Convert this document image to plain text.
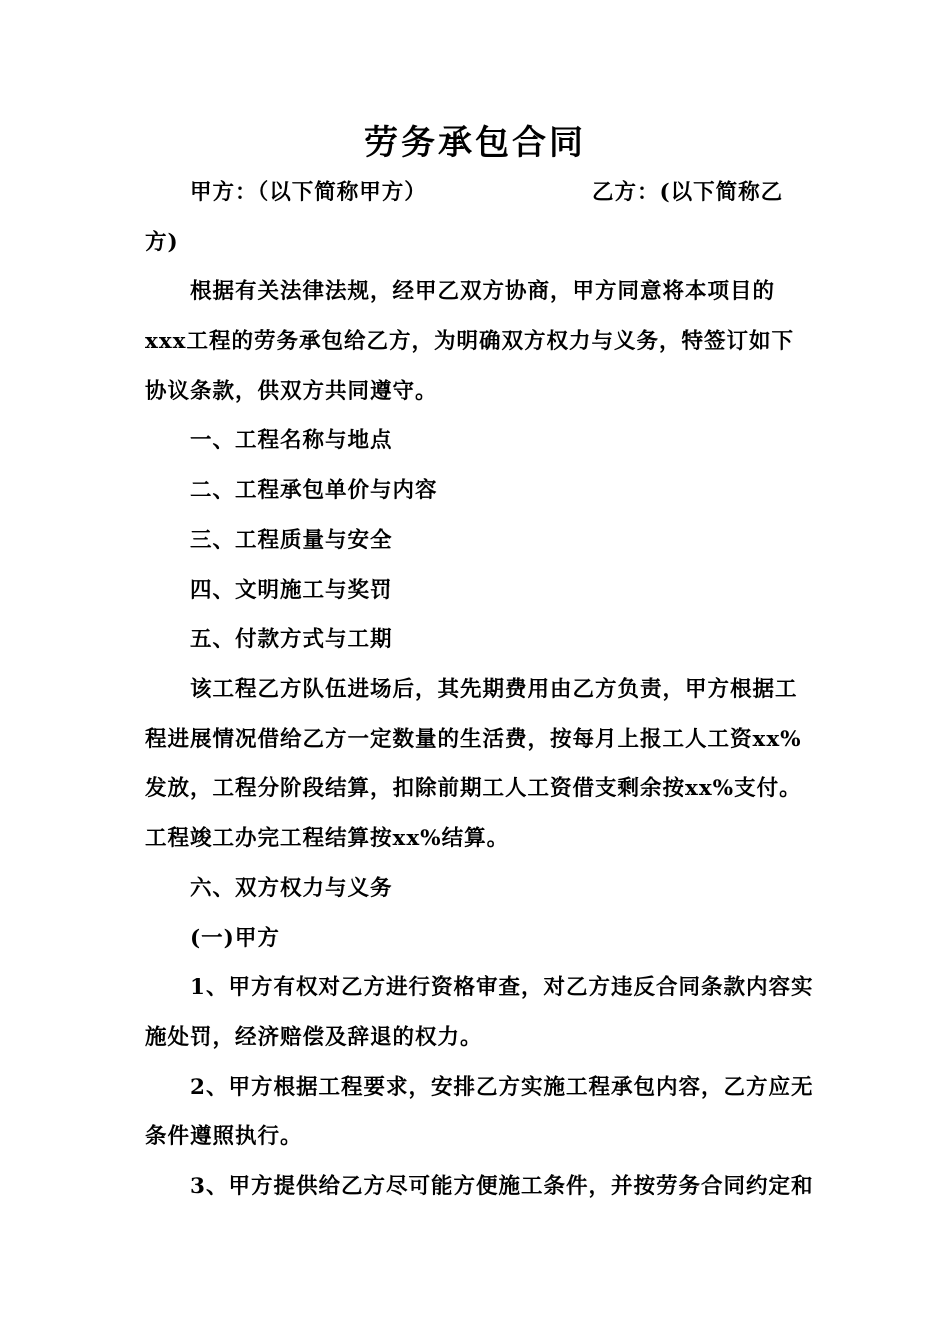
劳务承包合同
甲方：（以下简称甲方）	乙方：(以下简称乙
方)
根据有关法律法规，经甲乙双方协商，甲方同意将本项目的
xxx工程的劳务承包给乙方，为明确双方权力与义务，特签订如下
协议条款，供双方共同遵守。
一、工程名称与地点
二、工程承包单价与内容
三、工程质量与安全
四、文明施工与奖罚
五、付款方式与工期
该工程乙方队伍进场后，其先期费用由乙方负责，甲方根据工
程进展情况借给乙方一定数量的生活费，按每月上报工人工资xx%
发放，工程分阶段结算，扣除前期工人工资借支剩余按xx%支付。
工程竣工办完工程结算按xx%结算。
六、双方权力与义务
(一)甲方
1、甲方有权对乙方进行资格审查，对乙方违反合同条款内容实
施处罚，经济赔偿及辞退的权力。
2、甲方根据工程要求，安排乙方实施工程承包内容，乙方应无
条件遵照执行。
3、甲方提供给乙方尽可能方便施工条件，并按劳务合同约定和
